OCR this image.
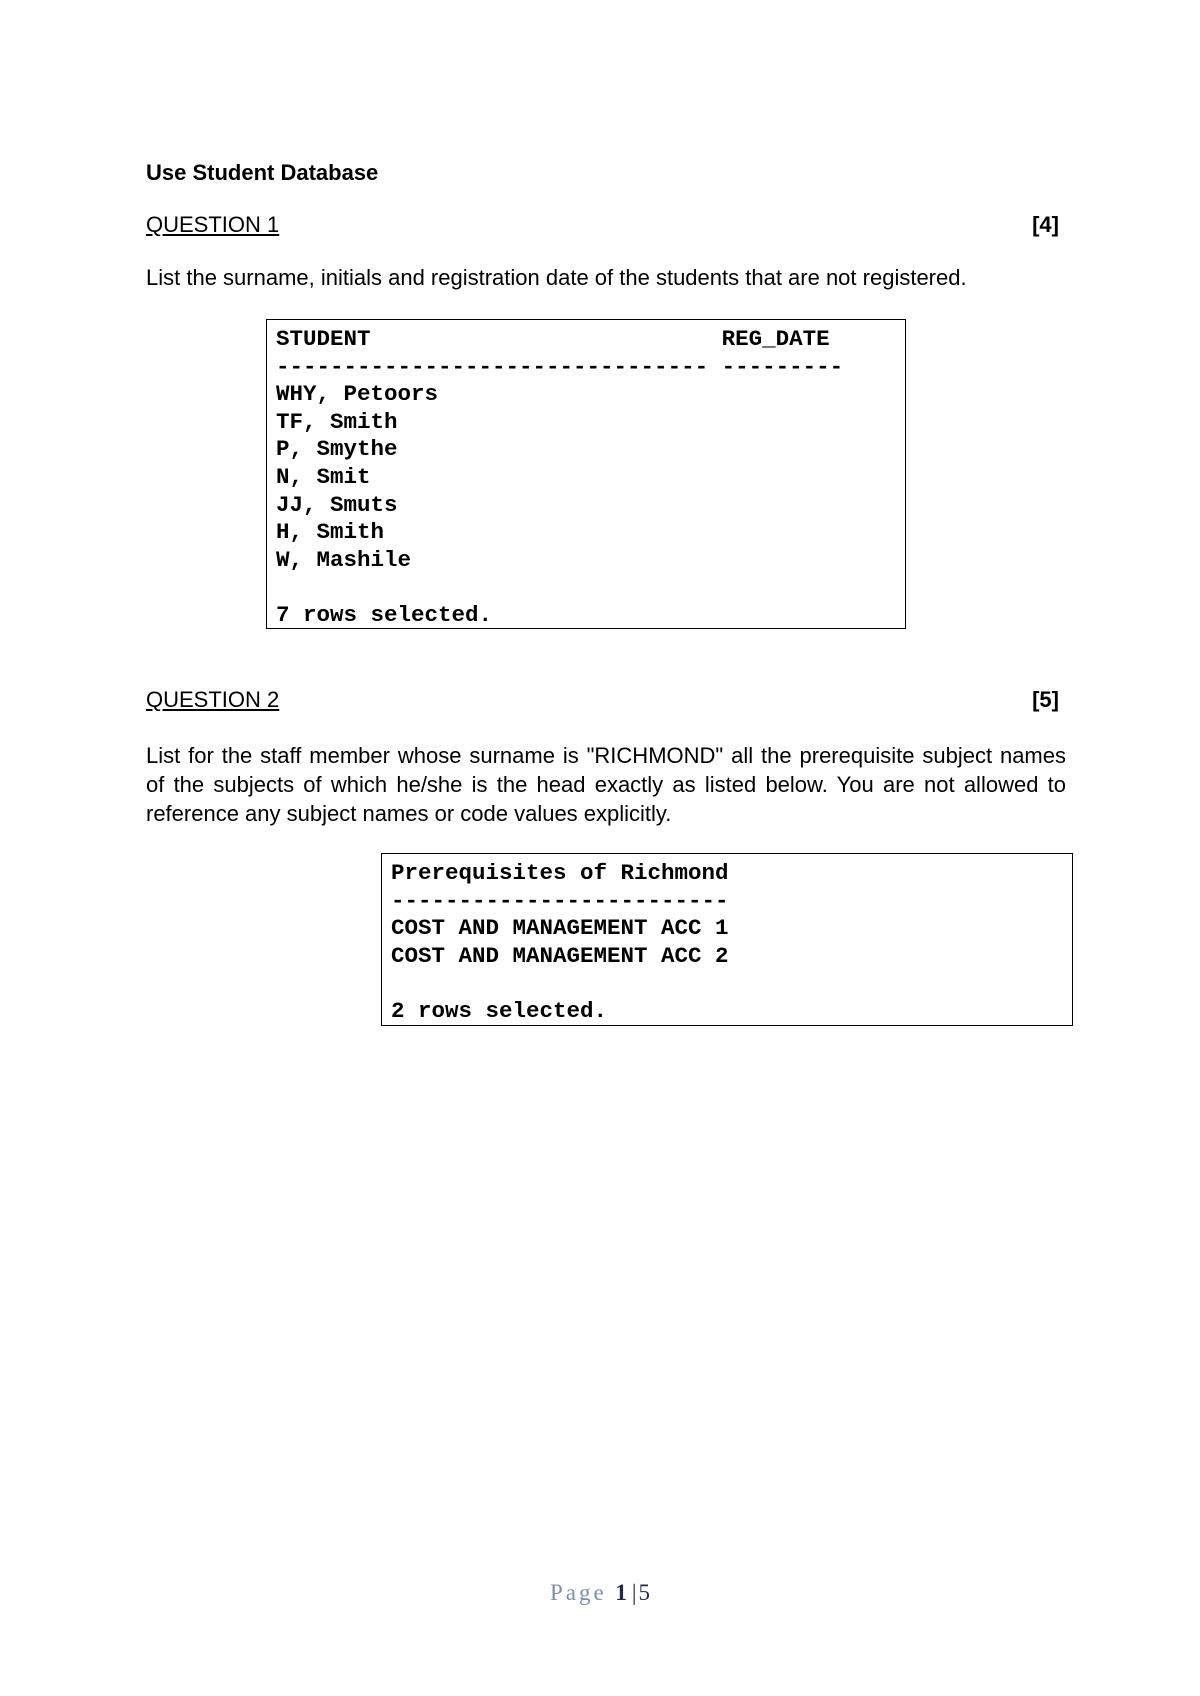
Use Student Database
QUESTION 1	[4]

List the surname, initials and registration date of the students that are not registered.

STUDENT                          REG_DATE
-------------------------------- ---------
WHY, Petoors
TF, Smith
P, Smythe
N, Smit
JJ, Smuts
H, Smith
W, Mashile
7 rows selected.
QUESTION 2	[5]

List for the staff member whose surname is "RICHMOND" all the prerequisite subject names of the subjects of which he/she is the head exactly as listed below. You are not allowed to reference any subject names or code values explicitly.

Prerequisites of Richmond
-------------------------
COST AND MANAGEMENT ACC 1
COST AND MANAGEMENT ACC 2
2 rows selected.
Page 1|5
